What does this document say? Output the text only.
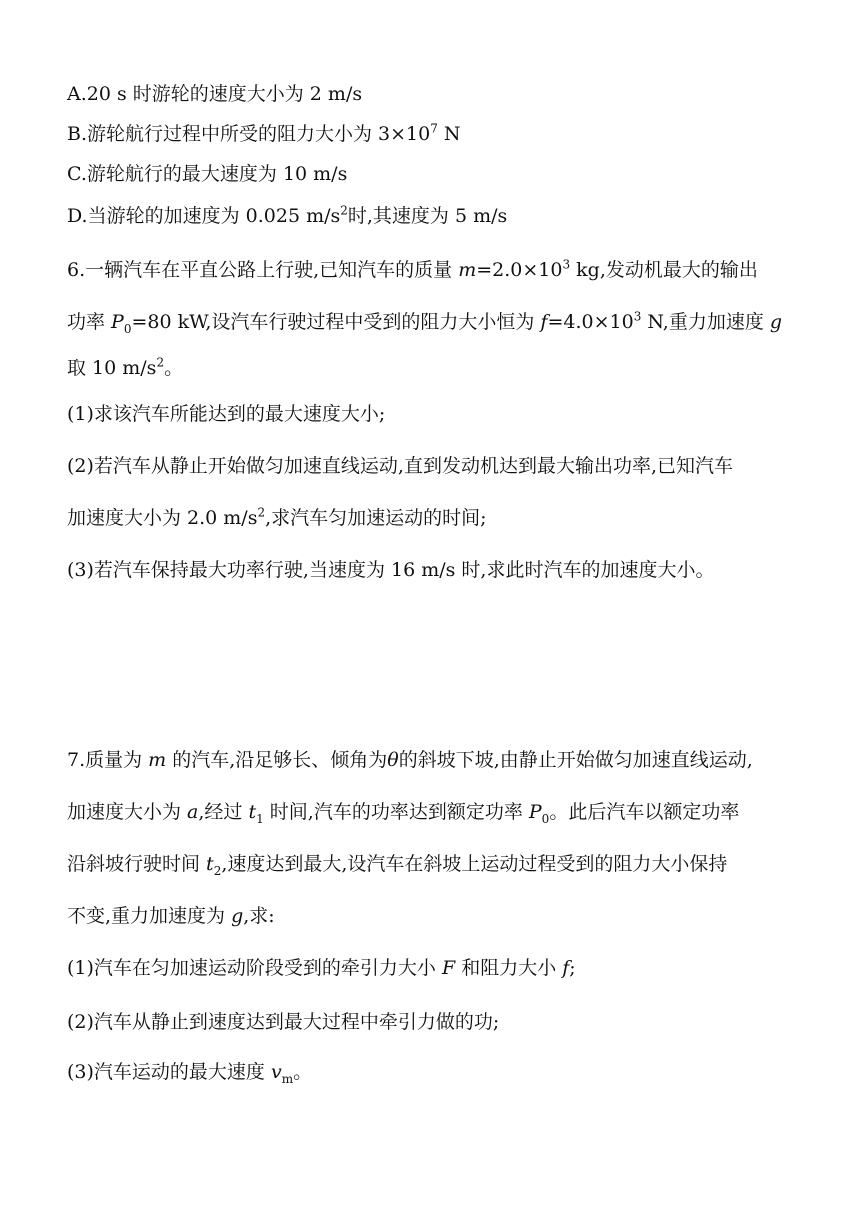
A.20 s 时游轮的速度大小为 2 m/s
B.游轮航行过程中所受的阻力大小为 $3\times 10^7$ N
C.游轮航行的最大速度为 10 m/s
D.当游轮的加速度为 0.025 $m/s^2$时,其速度为 5 m/s
6.一辆汽车在平直公路上行驶,已知汽车的质量 $m=2.0\times 10^3$ kg,发动机最大的输出
功率 $P_0=80$ kW,设汽车行驶过程中受到的阻力大小恒为 $f=4.0\times 10^3$ N,重力加速度 g
取 10 $m/s^2$。
(1)求该汽车所能达到的最大速度大小;
(2)若汽车从静止开始做匀加速直线运动,直到发动机达到最大输出功率,已知汽车
加速度大小为 2.0 $m/s^2$,求汽车匀加速运动的时间;
(3)若汽车保持最大功率行驶,当速度为 16 m/s 时,求此时汽车的加速度大小。
7.质量为 m 的汽车,沿足够长、倾角为θ的斜坡下坡,由静止开始做匀加速直线运动,
加速度大小为 a,经过 $t_1$ 时间,汽车的功率达到额定功率 $P_0$。此后汽车以额定功率
沿斜坡行驶时间 $t_2$,速度达到最大,设汽车在斜坡上运动过程受到的阻力大小保持
不变,重力加速度为 g,求:
(1)汽车在匀加速运动阶段受到的牵引力大小 F 和阻力大小 f;
(2)汽车从静止到速度达到最大过程中牵引力做的功;
(3)汽车运动的最大速度 $v_m$。
